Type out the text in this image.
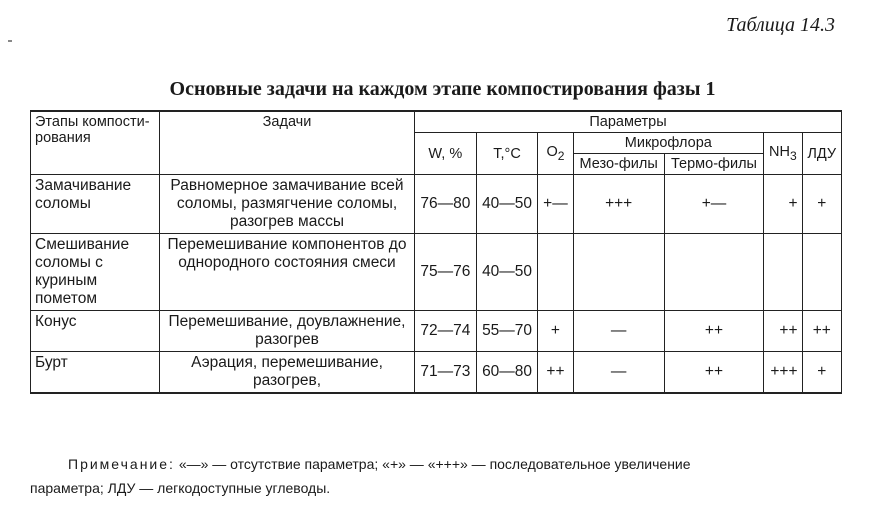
Таблица 14.3
Основные задачи на каждом этапе компостирования фазы 1
Этапы компости-рования	Задачи	Параметры						
		W, %	T,°C	$O_2$	Микрофлора		$NH_3$	ЛДУ
					Мезо-филы	Термо-филы		
Замачивание соломы	Равномерное замачивание всей соломы, размягчение соломы, разогрев массы	76—80	40—50	+—	+++	+—	+	+
Смешивание соломы с куриным пометом	Перемешивание компонентов до однородного состояния смеси	75—76	40—50					
Конус	Перемешивание, доувлажнение, разогрев	72—74	55—70	+	—	++	++	++
Бурт	Аэрация, перемешивание, разогрев,	71—73	60—80	++	—	++	+++	+
Примечание: «—» — отсутствие параметра; «+» — «+++» — последовательное увеличение
параметра; ЛДУ — легкодоступные углеводы.
